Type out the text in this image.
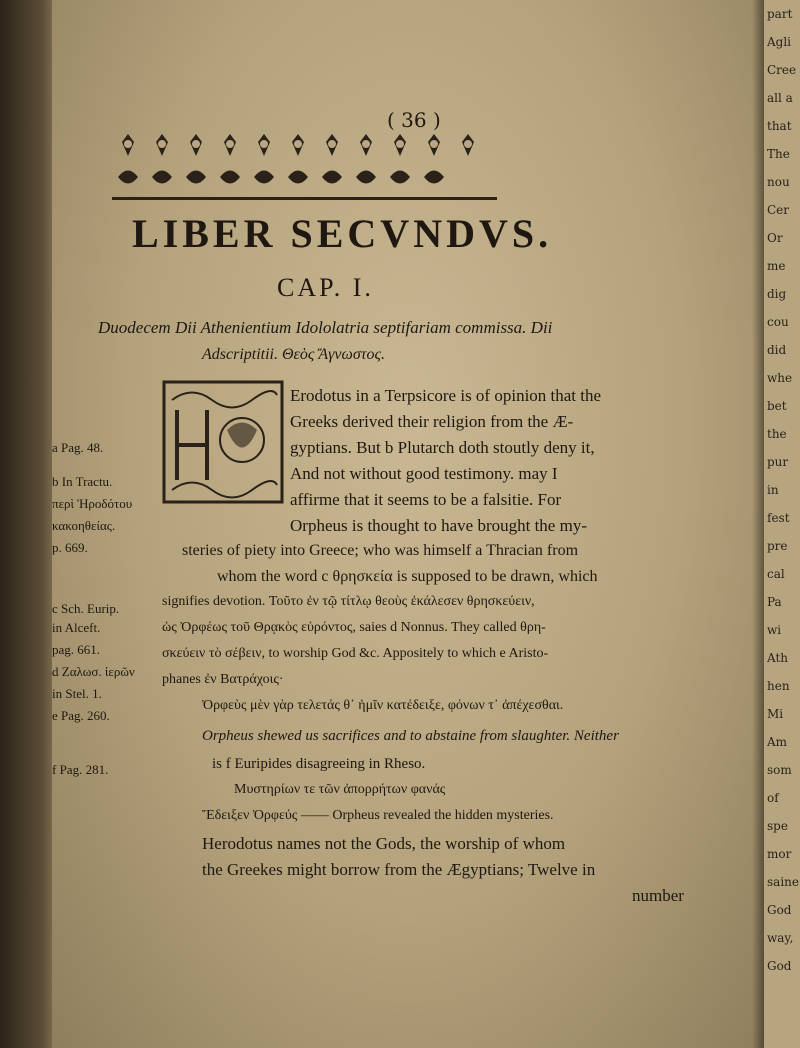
( 36 )
LIBER SECVNDVS.
CAP. I.
Duodecem Dii Athenientium Idololatria septifariam commissa. Dii
Adscriptitii. Θεὸς Ἄγνωστος.
a Pag. 48.
b In Tractu.
περὶ Ἡροδότου
κακοηθείας.
p. 669.
c Sch. Eurip.
in Alceft.
pag. 661.
d Ζαλωσ. ἱερῶν
in Stel. 1.
e Pag. 260.
f Pag. 281.
Erodotus in a Terpsicore is of opinion that the
Greeks derived their religion from the Æ-
gyptians. But b Plutarch doth stoutly deny it,
And not without good testimony. may I
affirme that it seems to be a falsitie. For
Orpheus is thought to have brought the my-
steries of piety into Greece; who was himself a Thracian from
whom the word c θρησκεία is supposed to be drawn, which
signifies devotion. Τοῦτο ἐν τῷ τίτλῳ θεοὺς ἐκάλεσεν θρησκεύειν,
ὡς Ὀρφέως τοῦ Θρᾳκὸς εὑρόντος, saies d Nonnus. They called θρη-
σκεύειν τὸ σέβειν, to worship God &c. Appositely to which e Aristo-
phanes ἐν Βατράχοις·
Ὀρφεὺς μὲν γὰρ τελετάς θ᾽ ἡμῖν κατέδειξε, φόνων τ᾽ ἀπέχεσθαι.
Orpheus shewed us sacrifices and to abstaine from slaughter. Neither
is f Euripides disagreeing in Rheso.
Μυστηρίων τε τῶν ἀπορρήτων φανάς
Ἔδειξεν Ὀρφεύς —— Orpheus revealed the hidden mysteries.
Herodotus names not the Gods, the worship of whom
the Greekes might borrow from the Ægyptians; Twelve in
number
part
Agli
Cree
all a
that
The
nou
Cer
Or
me
dig
cou
did
whe
bet
the
pur
in
fest
pre
cal
Pa
wi
Ath
hen
Mi
Am
som
of
spe
mor
saine
God
way,
God
